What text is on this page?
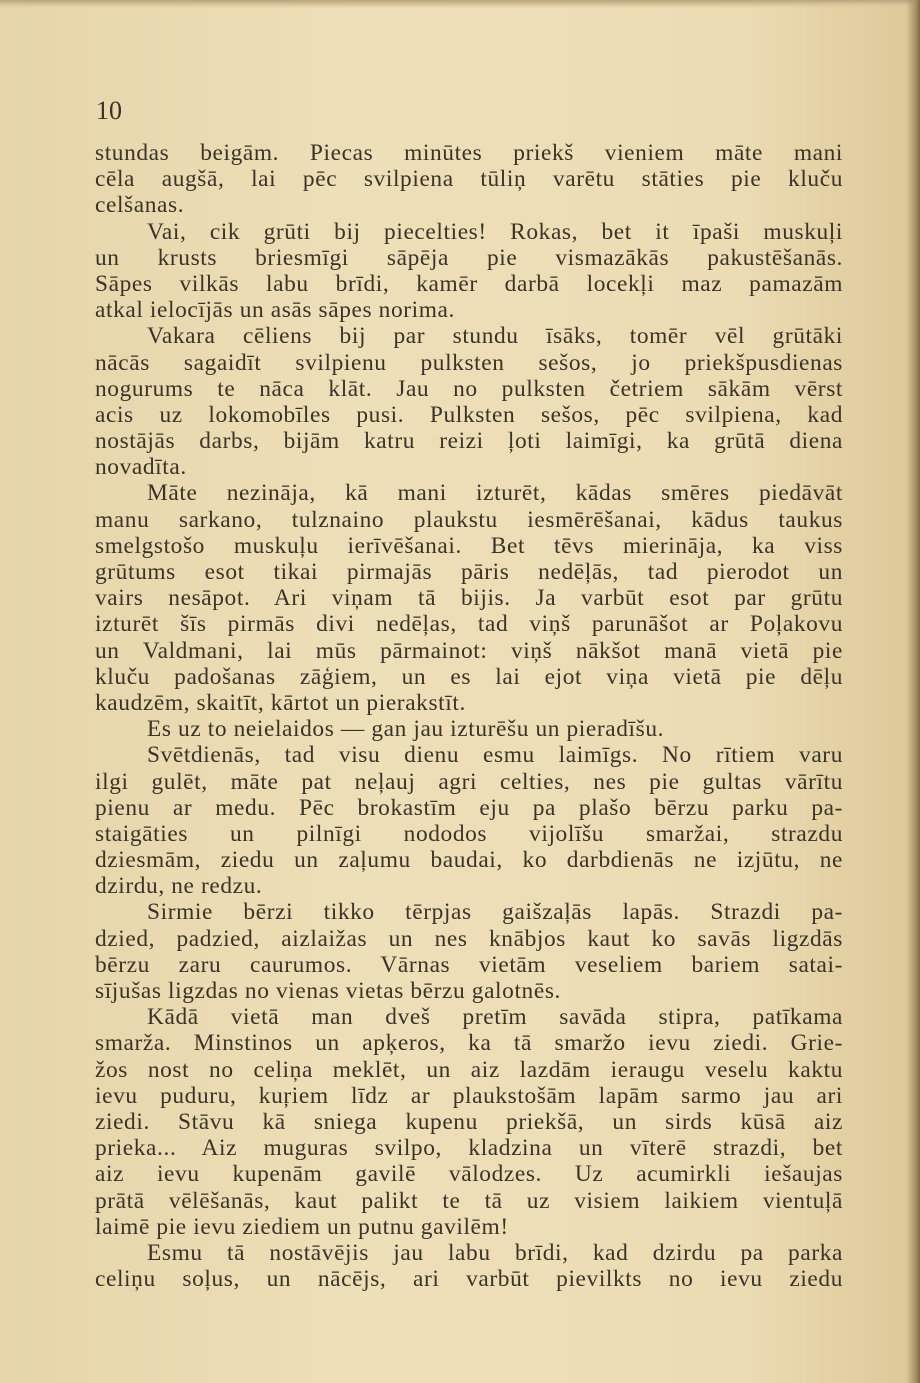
10
stundas beigām. Piecas minūtes priekš vieniem māte mani
cēla augšā, lai pēc svilpiena tūliņ varētu stāties pie kluču
celšanas.
Vai, cik grūti bij piecelties! Rokas, bet it īpaši muskuļi
un krusts briesmīgi sāpēja pie vismazākās pakustēšanās.
Sāpes vilkās labu brīdi, kamēr darbā locekļi maz pamazām
atkal ielocījās un asās sāpes norima.
Vakara cēliens bij par stundu īsāks, tomēr vēl grūtāki
nācās sagaidīt svilpienu pulksten sešos, jo priekšpusdienas
nogurums te nāca klāt. Jau no pulksten četriem sākām vērst
acis uz lokomobīles pusi. Pulksten sešos, pēc svilpiena, kad
nostājās darbs, bijām katru reizi ļoti laimīgi, ka grūtā diena
novadīta.
Māte nezināja, kā mani izturēt, kādas smēres piedāvāt
manu sarkano, tulznaino plaukstu iesmērēšanai, kādus taukus
smelgstošo muskuļu ierīvēšanai. Bet tēvs mierināja, ka viss
grūtums esot tikai pirmajās pāris nedēļās, tad pierodot un
vairs nesāpot. Ari viņam tā bijis. Ja varbūt esot par grūtu
izturēt šīs pirmās divi nedēļas, tad viņš parunāšot ar Poļakovu
un Valdmani, lai mūs pārmainot: viņš nākšot manā vietā pie
kluču padošanas zāģiem, un es lai ejot viņa vietā pie dēļu
kaudzēm, skaitīt, kārtot un pierakstīt.
Es uz to neielaidos — gan jau izturēšu un pieradīšu.
Svētdienās, tad visu dienu esmu laimīgs. No rītiem varu
ilgi gulēt, māte pat neļauj agri celties, nes pie gultas vārītu
pienu ar medu. Pēc brokastīm eju pa plašo bērzu parku pa-
staigāties un pilnīgi nododos vijolīšu smaržai, strazdu
dziesmām, ziedu un zaļumu baudai, ko darbdienās ne izjūtu, ne
dzirdu, ne redzu.
Sirmie bērzi tikko tērpjas gaišzaļās lapās. Strazdi pa-
dzied, padzied, aizlaižas un nes knābjos kaut ko savās ligzdās
bērzu zaru caurumos. Vārnas vietām veseliem bariem satai-
sījušas ligzdas no vienas vietas bērzu galotnēs.
Kādā vietā man dveš pretīm savāda stipra, patīkama
smarža. Minstinos un apķeros, ka tā smaržo ievu ziedi. Grie-
žos nost no celiņa meklēt, un aiz lazdām ieraugu veselu kaktu
ievu puduru, kuŗiem līdz ar plaukstošām lapām sarmo jau ari
ziedi. Stāvu kā sniega kupenu priekšā, un sirds kūsā aiz
prieka... Aiz muguras svilpo, kladzina un vīterē strazdi, bet
aiz ievu kupenām gavilē vālodzes. Uz acumirkli iešaujas
prātā vēlēšanās, kaut palikt te tā uz visiem laikiem vientuļā
laimē pie ievu ziediem un putnu gavilēm!
Esmu tā nostāvējis jau labu brīdi, kad dzirdu pa parka
celiņu soļus, un nācējs, ari varbūt pievilkts no ievu ziedu
